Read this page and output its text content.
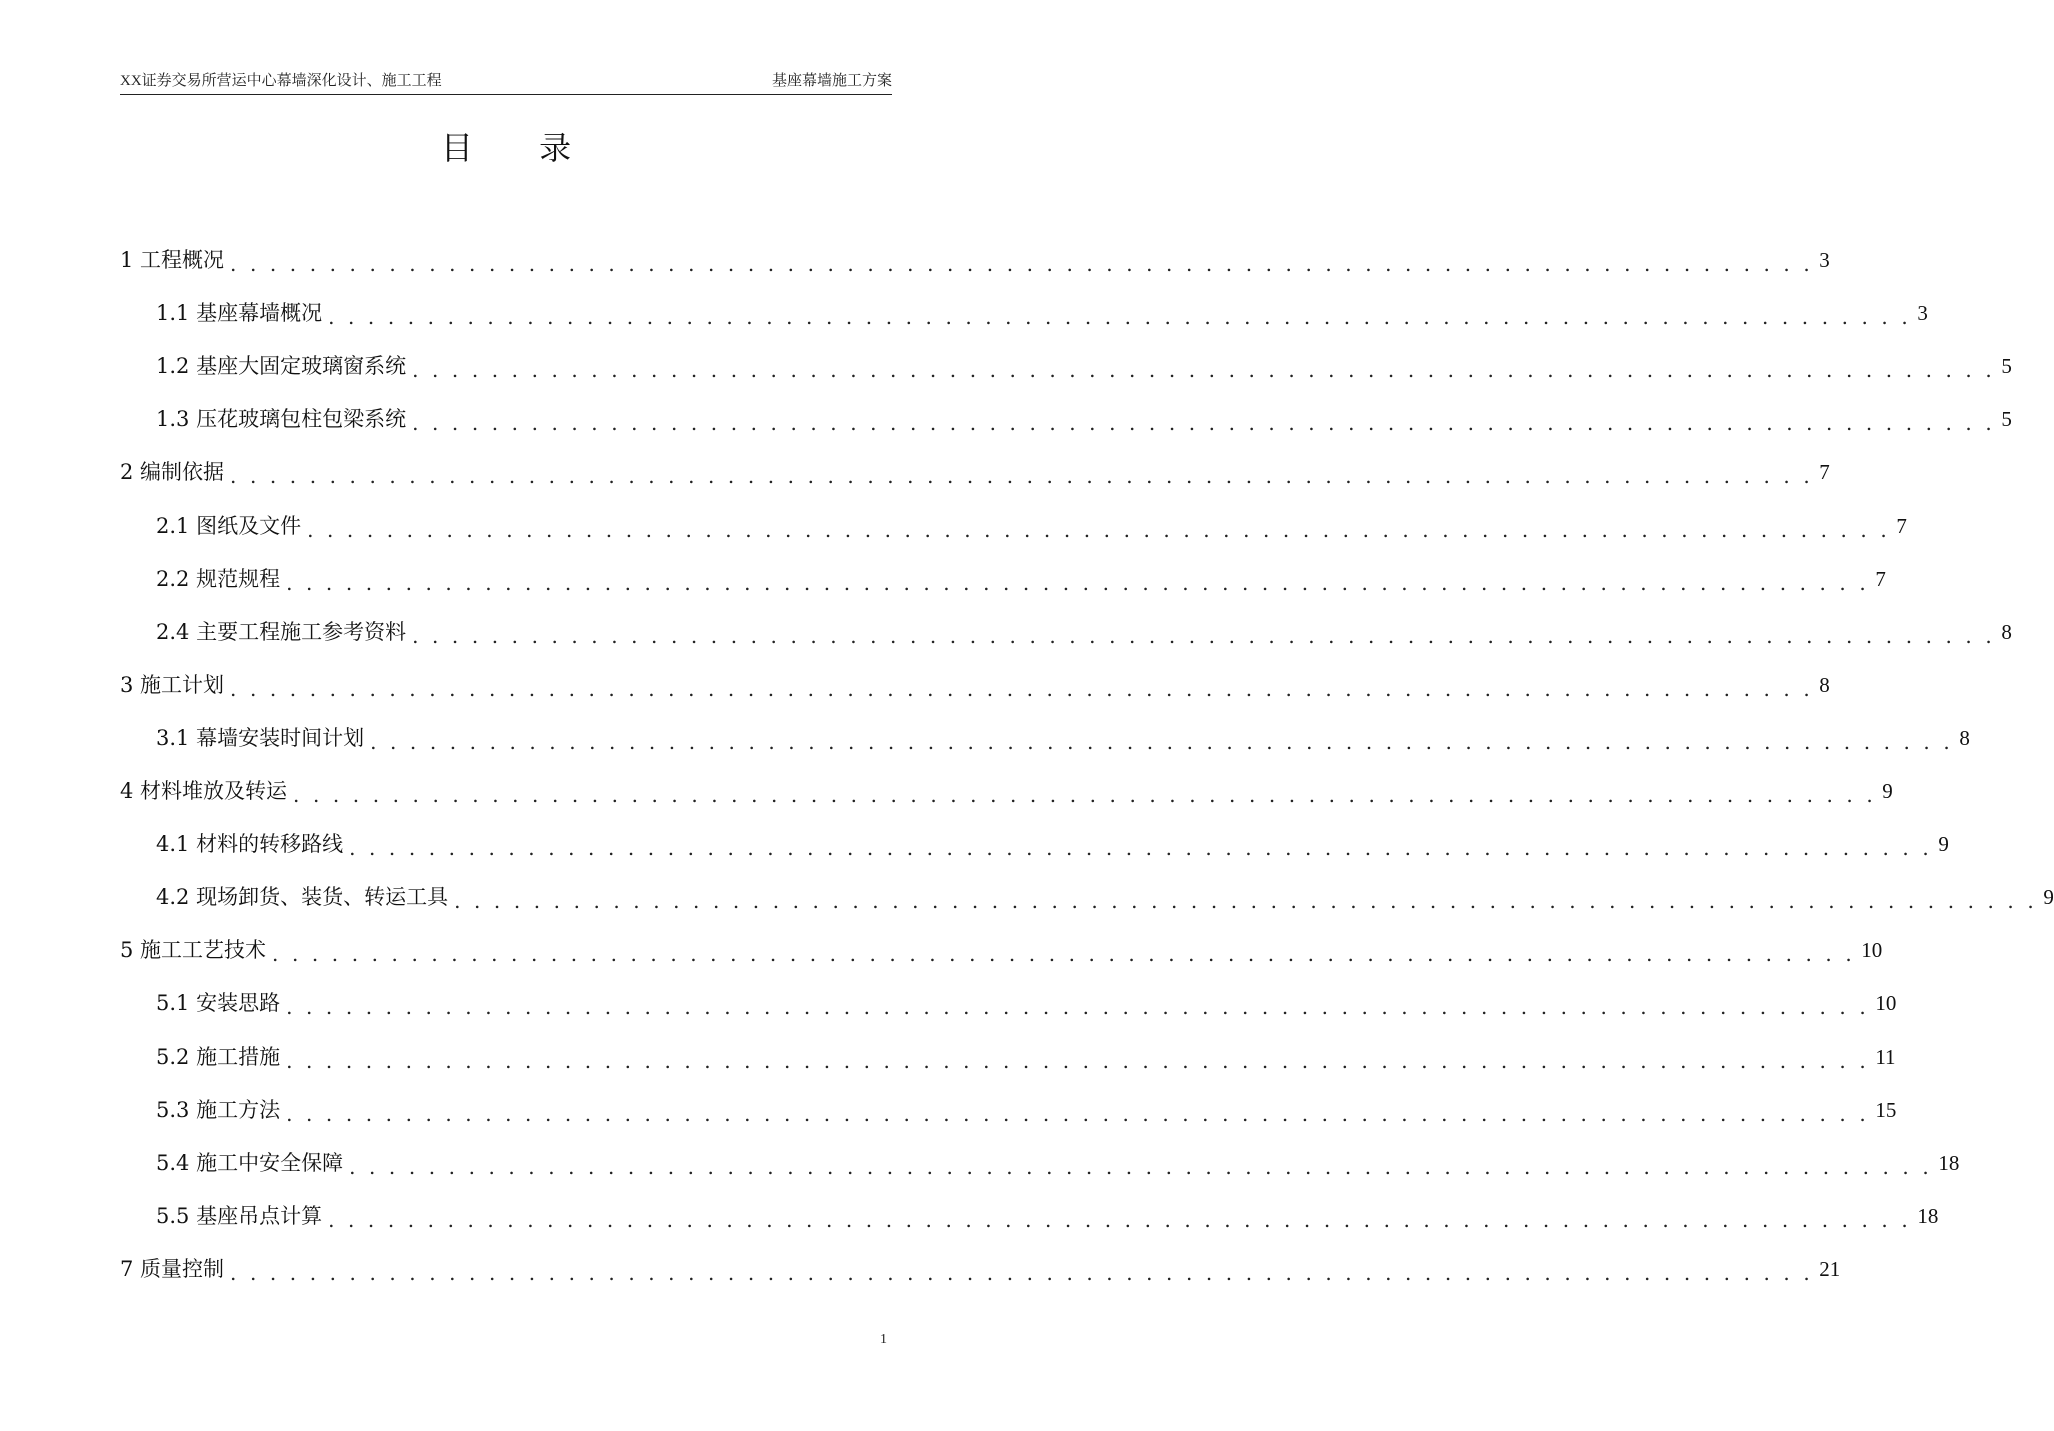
XX证券交易所营运中心幕墙深化设计、施工工程	基座幕墙施工方案
目 录
1 工程概况 . . . . . . . . . . . . . . . . . . . . . . . . . . . . . . . . . . . . . . . . . . . . . . . . . . . . . . . . . . . . . . . . . . . . . . . . . . . . . . . . 3
1.1 基座幕墙概况 . . . . . . . . . . . . . . . . . . . . . . . . . . . . . . . . . . . . . . . . . . . . . . . . . . . . . . . . . . . . . . . . . . . . . . . . . . . . . . . . 3
1.2 基座大固定玻璃窗系统 . . . . . . . . . . . . . . . . . . . . . . . . . . . . . . . . . . . . . . . . . . . . . . . . . . . . . . . . . . . . . . . . . . . . . . . . . . . . . . . . 5
1.3 压花玻璃包柱包梁系统 . . . . . . . . . . . . . . . . . . . . . . . . . . . . . . . . . . . . . . . . . . . . . . . . . . . . . . . . . . . . . . . . . . . . . . . . . . . . . . . . 5
2 编制依据 . . . . . . . . . . . . . . . . . . . . . . . . . . . . . . . . . . . . . . . . . . . . . . . . . . . . . . . . . . . . . . . . . . . . . . . . . . . . . . . . 7
2.1 图纸及文件 . . . . . . . . . . . . . . . . . . . . . . . . . . . . . . . . . . . . . . . . . . . . . . . . . . . . . . . . . . . . . . . . . . . . . . . . . . . . . . . . 7
2.2 规范规程 . . . . . . . . . . . . . . . . . . . . . . . . . . . . . . . . . . . . . . . . . . . . . . . . . . . . . . . . . . . . . . . . . . . . . . . . . . . . . . . . 7
2.4 主要工程施工参考资料 . . . . . . . . . . . . . . . . . . . . . . . . . . . . . . . . . . . . . . . . . . . . . . . . . . . . . . . . . . . . . . . . . . . . . . . . . . . . . . . . 8
3 施工计划 . . . . . . . . . . . . . . . . . . . . . . . . . . . . . . . . . . . . . . . . . . . . . . . . . . . . . . . . . . . . . . . . . . . . . . . . . . . . . . . . 8
3.1 幕墙安装时间计划 . . . . . . . . . . . . . . . . . . . . . . . . . . . . . . . . . . . . . . . . . . . . . . . . . . . . . . . . . . . . . . . . . . . . . . . . . . . . . . . . 8
4 材料堆放及转运 . . . . . . . . . . . . . . . . . . . . . . . . . . . . . . . . . . . . . . . . . . . . . . . . . . . . . . . . . . . . . . . . . . . . . . . . . . . . . . . . 9
4.1 材料的转移路线 . . . . . . . . . . . . . . . . . . . . . . . . . . . . . . . . . . . . . . . . . . . . . . . . . . . . . . . . . . . . . . . . . . . . . . . . . . . . . . . . 9
4.2 现场卸货、装货、转运工具 . . . . . . . . . . . . . . . . . . . . . . . . . . . . . . . . . . . . . . . . . . . . . . . . . . . . . . . . . . . . . . . . . . . . . . . . . . . . . . . . 9
5 施工工艺技术 . . . . . . . . . . . . . . . . . . . . . . . . . . . . . . . . . . . . . . . . . . . . . . . . . . . . . . . . . . . . . . . . . . . . . . . . . . . . . . . . 10
5.1 安装思路 . . . . . . . . . . . . . . . . . . . . . . . . . . . . . . . . . . . . . . . . . . . . . . . . . . . . . . . . . . . . . . . . . . . . . . . . . . . . . . . . 10
5.2 施工措施 . . . . . . . . . . . . . . . . . . . . . . . . . . . . . . . . . . . . . . . . . . . . . . . . . . . . . . . . . . . . . . . . . . . . . . . . . . . . . . . . 11
5.3 施工方法 . . . . . . . . . . . . . . . . . . . . . . . . . . . . . . . . . . . . . . . . . . . . . . . . . . . . . . . . . . . . . . . . . . . . . . . . . . . . . . . . 15
5.4 施工中安全保障 . . . . . . . . . . . . . . . . . . . . . . . . . . . . . . . . . . . . . . . . . . . . . . . . . . . . . . . . . . . . . . . . . . . . . . . . . . . . . . . . 18
5.5 基座吊点计算 . . . . . . . . . . . . . . . . . . . . . . . . . . . . . . . . . . . . . . . . . . . . . . . . . . . . . . . . . . . . . . . . . . . . . . . . . . . . . . . . 18
7 质量控制 . . . . . . . . . . . . . . . . . . . . . . . . . . . . . . . . . . . . . . . . . . . . . . . . . . . . . . . . . . . . . . . . . . . . . . . . . . . . . . . . 21
1
